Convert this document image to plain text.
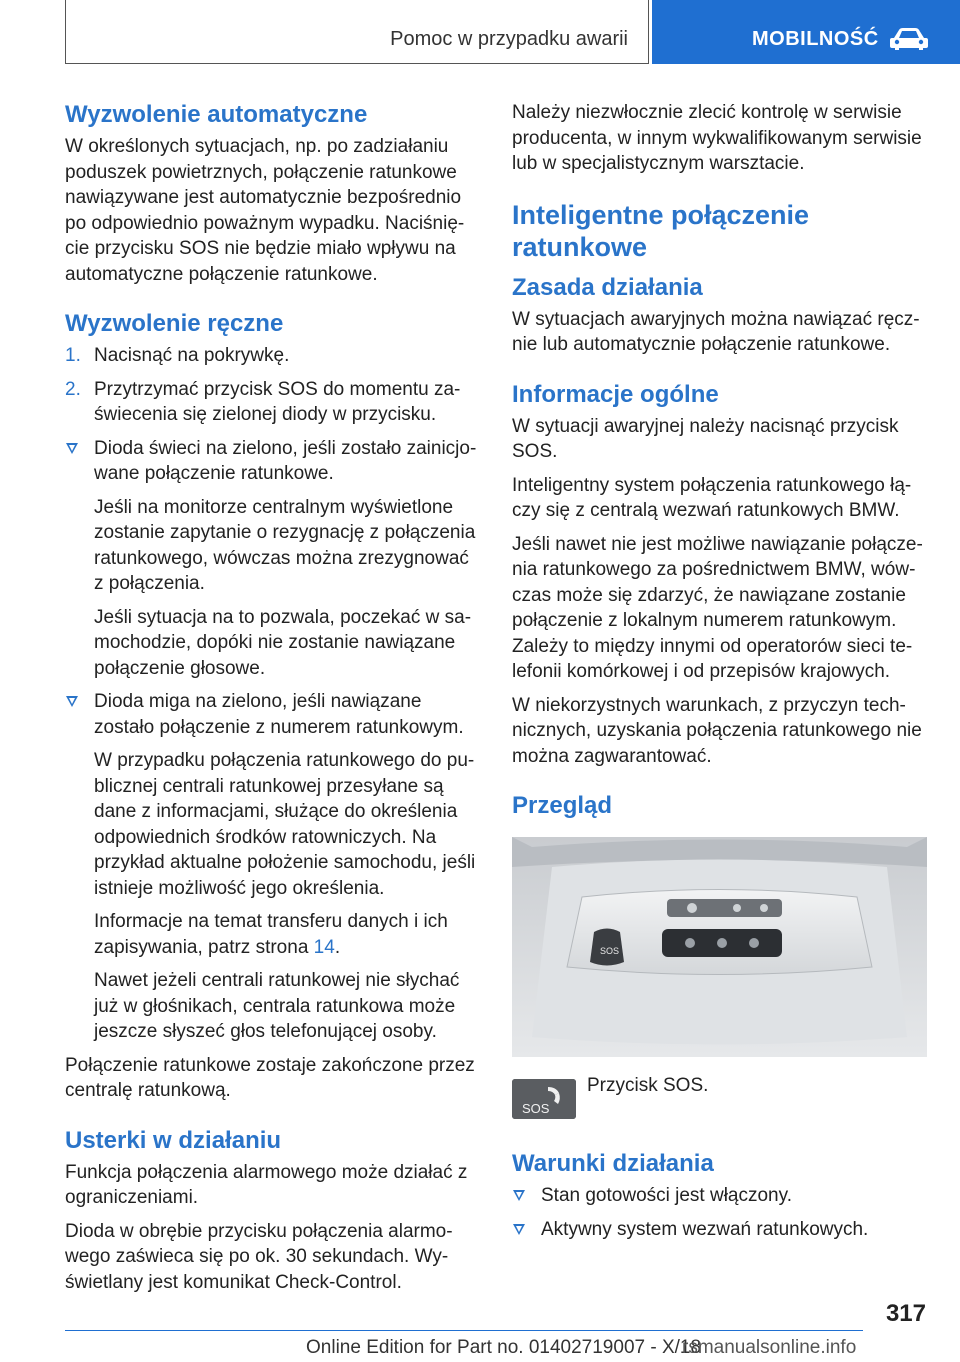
Pomoc w przypadku awarii	MOBILNOŚĆ
Wyzwolenie automatyczne

W określonych sytuacjach, np. po zadziałaniu poduszek powietrznych, połączenie ratunkowe nawiązywane jest automatycznie bezpośrednio po odpowiednio poważnym wypadku. Naciśnięcie przycisku SOS nie będzie miało wpływu na automatyczne połączenie ratunkowe.

Wyzwolenie ręczne
1. Nacisnąć na pokrywkę.
2. Przytrzymać przycisk SOS do momentu zaświecenia się zielonej diody w przycisku.
Dioda świeci na zielono, jeśli zostało zainicjowane połączenie ratunkowe.

Jeśli na monitorze centralnym wyświetlone zostanie zapytanie o rezygnację z połączenia ratunkowego, wówczas można zrezygnować z połączenia.

Jeśli sytuacja na to pozwala, poczekać w samochodzie, dopóki nie zostanie nawiązane połączenie głosowe.

Dioda miga na zielono, jeśli nawiązane zostało połączenie z numerem ratunkowym.

W przypadku połączenia ratunkowego do publicznej centrali ratunkowej przesyłane są dane z informacjami, służące do określenia odpowiednich środków ratowniczych. Na przykład aktualne położenie samochodu, jeśli istnieje możliwość jego określenia.

Informacje na temat transferu danych i ich zapisywania, patrz strona 14.

Nawet jeżeli centrali ratunkowej nie słychać już w głośnikach, centrala ratunkowa może jeszcze słyszeć głos telefonującej osoby.

Połączenie ratunkowe zostaje zakończone przez centralę ratunkową.

Usterki w działaniu

Funkcja połączenia alarmowego może działać z ograniczeniami.

Dioda w obrębie przycisku połączenia alarmowego zaświeca się po ok. 30 sekundach. Wyświetlany jest komunikat Check-Control.

Należy niezwłocznie zlecić kontrolę w serwisie producenta, w innym wykwalifikowanym serwisie lub w specjalistycznym warsztacie.

Inteligentne połączenie ratunkowe
Zasada działania

W sytuacjach awaryjnych można nawiązać ręcznie lub automatycznie połączenie ratunkowe.

Informacje ogólne

W sytuacji awaryjnej należy nacisnąć przycisk SOS.

Inteligentny system połączenia ratunkowego łączy się z centralą wezwań ratunkowych BMW.

Jeśli nawet nie jest możliwe nawiązanie połączenia ratunkowego za pośrednictwem BMW, wówczas może się zdarzyć, że nawiązane zostanie połączenie z lokalnym numerem ratunkowym. Zależy to między innymi od operatorów sieci telefonii komórkowej i od przepisów krajowych.

W niekorzystnych warunkach, z przyczyn technicznych, uzyskania połączenia ratunkowego nie można zagwarantować.

Przegląd
SOS
SOS
Przycisk SOS.
Warunki działania
Stan gotowości jest włączony.
Aktywny system wezwań ratunkowych.
317
Online Edition for Part no. 01402719007 - X/18
rsmanualsonline.info
